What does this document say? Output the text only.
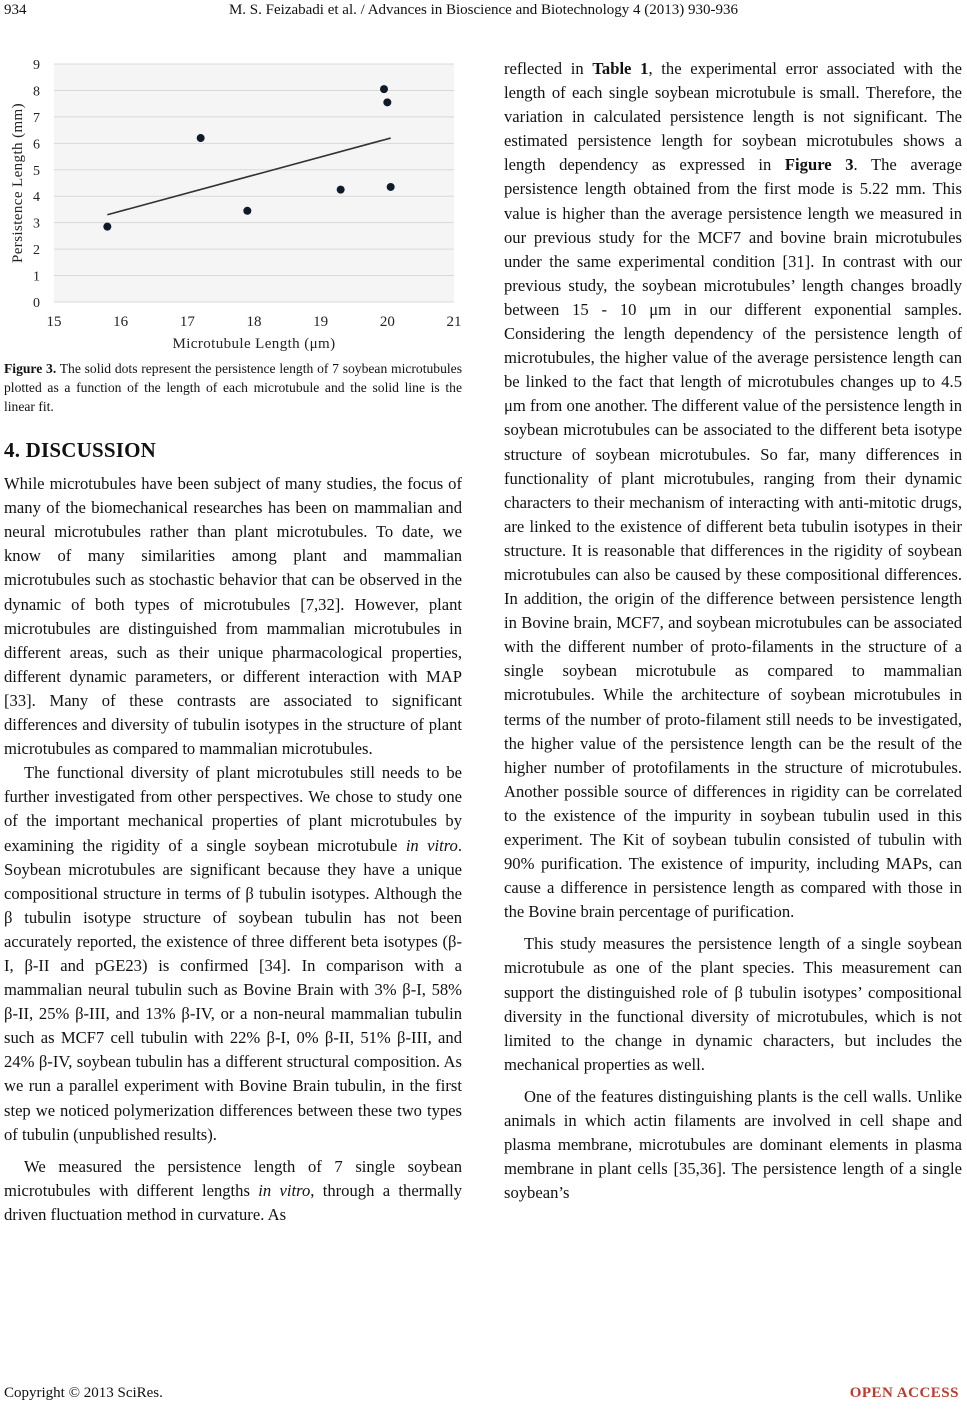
934	M. S. Feizabadi et al. / Advances in Bioscience and Biotechnology 4 (2013) 930-936
0
1
2
3
4
5
6
7
8
9
15	16	17	18	19	20	21
Microtubule Length (μm)
Persistence Length (mm)
Figure 3. The solid dots represent the persistence length of 7 soybean microtubules plotted as a function of the length of each microtubule and the solid line is the linear fit.
4. DISCUSSION

While microtubules have been subject of many studies, the focus of many of the biomechanical researches has been on mammalian and neural microtubules rather than plant microtubules. To date, we know of many similarities among plant and mammalian microtubules such as stochastic behavior that can be observed in the dynamic of both types of microtubules [7,32]. However, plant microtubules are distinguished from mammalian microtubules in different areas, such as their unique pharmacological properties, different dynamic parameters, or different interaction with MAP [33]. Many of these contrasts are associated to significant differences and diversity of tubulin isotypes in the structure of plant microtubules as compared to mammalian microtubules.

The functional diversity of plant microtubules still needs to be further investigated from other perspectives. We chose to study one of the important mechanical properties of plant microtubules by examining the rigidity of a single soybean microtubule in vitro. Soybean microtubules are significant because they have a unique compositional structure in terms of β tubulin isotypes. Although the β tubulin isotype structure of soybean tubulin has not been accurately reported, the existence of three different beta isotypes (β-I, β-II and pGE23) is confirmed [34]. In comparison with a mammalian neural tubulin such as Bovine Brain with 3% β-I, 58% β-II, 25% β-III, and 13% β-IV, or a non-neural mammalian tubulin such as MCF7 cell tubulin with 22% β-I, 0% β-II, 51% β-III, and 24% β-IV, soybean tubulin has a different structural composition. As we run a parallel experiment with Bovine Brain tubulin, in the first step we noticed polymerization differences between these two types of tubulin (unpublished results).

We measured the persistence length of 7 single soybean microtubules with different lengths in vitro, through a thermally driven fluctuation method in curvature. As

reflected in Table 1, the experimental error associated with the length of each single soybean microtubule is small. Therefore, the variation in calculated persistence length is not significant. The estimated persistence length for soybean microtubules shows a length dependency as expressed in Figure 3. The average persistence length obtained from the first mode is 5.22 mm. This value is higher than the average persistence length we measured in our previous study for the MCF7 and bovine brain microtubules under the same experimental condition [31]. In contrast with our previous study, the soybean microtubules’ length changes broadly between 15 - 10 μm in our different exponential samples. Considering the length dependency of the persistence length of microtubules, the higher value of the average persistence length can be linked to the fact that length of microtubules changes up to 4.5 μm from one another. The different value of the persistence length in soybean microtubules can be associated to the different beta isotype structure of soybean microtubules. So far, many differences in functionality of plant microtubules, ranging from their dynamic characters to their mechanism of interacting with anti-mitotic drugs, are linked to the existence of different beta tubulin isotypes in their structure. It is reasonable that differences in the rigidity of soybean microtubules can also be caused by these compositional differences. In addition, the origin of the difference between persistence length in Bovine brain, MCF7, and soybean microtubules can be associated with the different number of proto-filaments in the structure of a single soybean microtubule as compared to mammalian microtubules. While the architecture of soybean microtubules in terms of the number of proto-filament still needs to be investigated, the higher value of the persistence length can be the result of the higher number of protofilaments in the structure of microtubules. Another possible source of differences in rigidity can be correlated to the existence of the impurity in soybean tubulin used in this experiment. The Kit of soybean tubulin consisted of tubulin with 90% purification. The existence of impurity, including MAPs, can cause a difference in persistence length as compared with those in the Bovine brain percentage of purification.

This study measures the persistence length of a single soybean microtubule as one of the plant species. This measurement can support the distinguished role of β tubulin isotypes’ compositional diversity in the functional diversity of microtubules, which is not limited to the change in dynamic characters, but includes the mechanical properties as well.

One of the features distinguishing plants is the cell walls. Unlike animals in which actin filaments are involved in cell shape and plasma membrane, microtubules are dominant elements in plasma membrane in plant cells [35,36]. The persistence length of a single soybean’s

Copyright © 2013 SciRes.	OPEN ACCESS
